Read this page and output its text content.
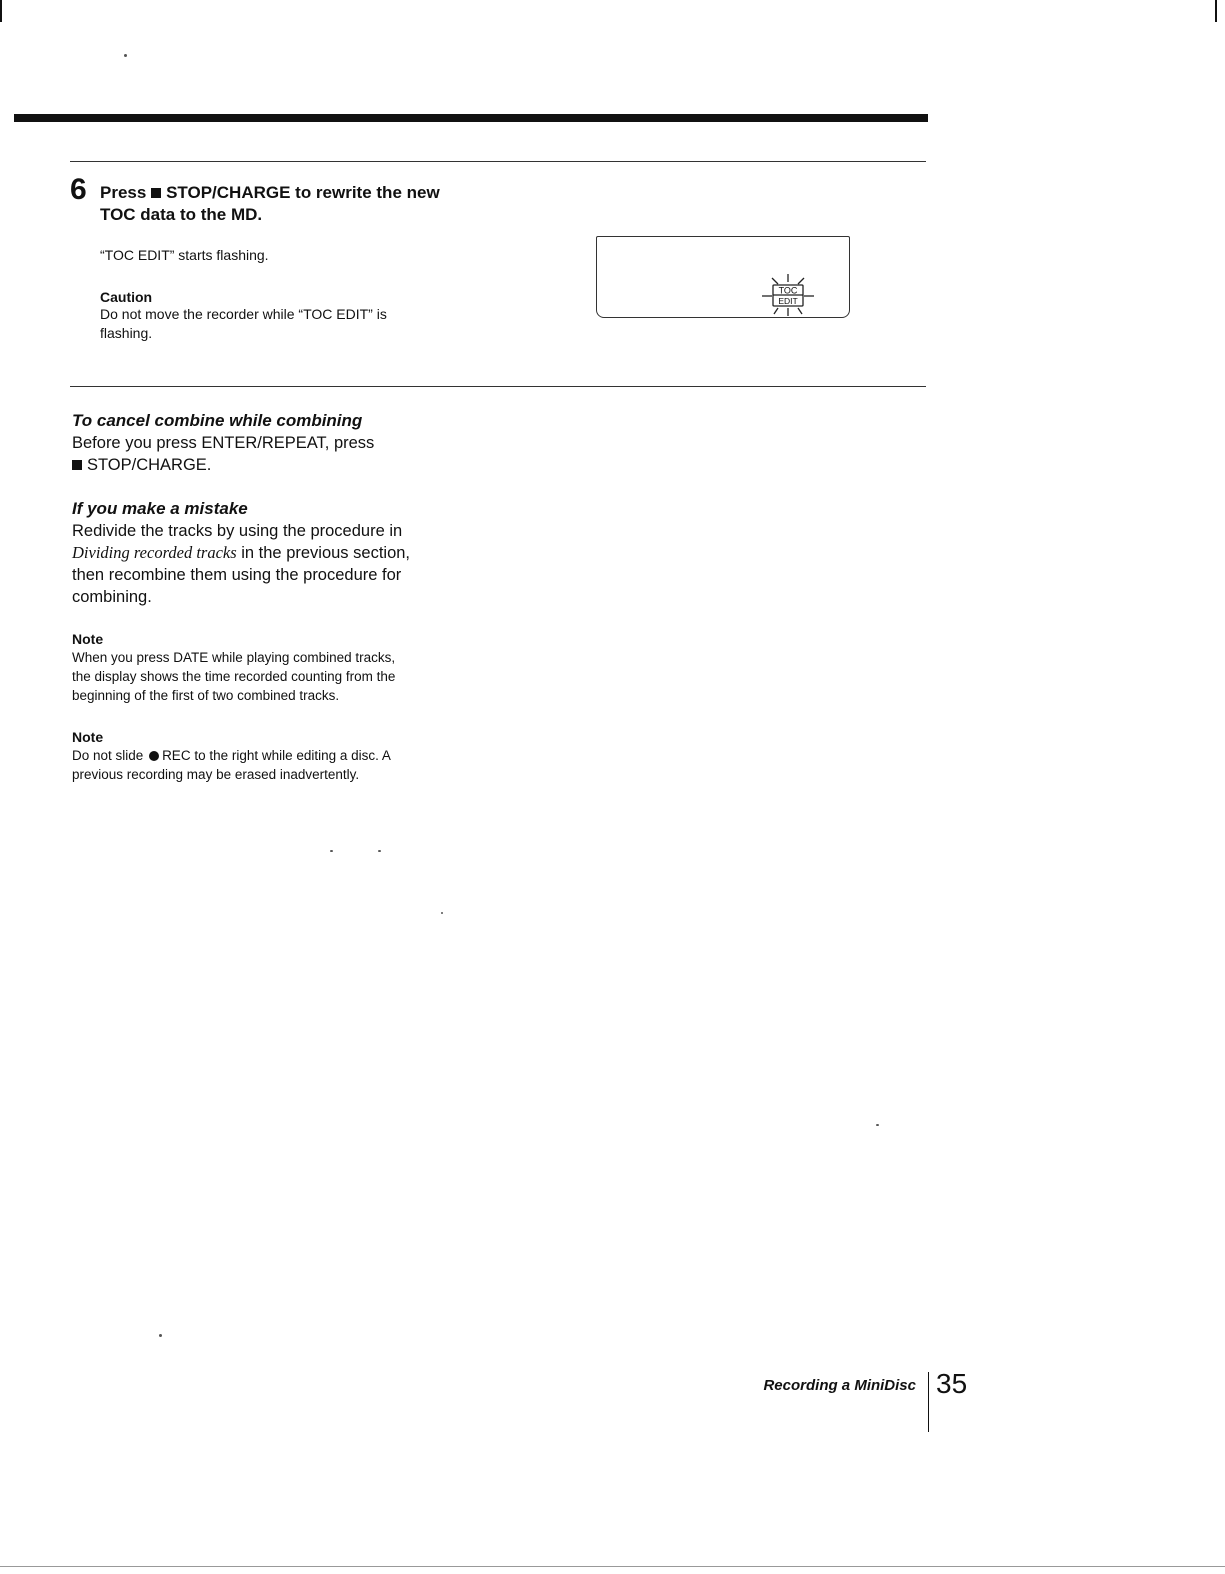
6 Press STOP/CHARGE to rewrite the new
TOC data to the MD.
“TOC EDIT” starts flashing.
Caution
Do not move the recorder while “TOC EDIT” is
flashing.
TOC
EDIT
To cancel combine while combining
Before you press ENTER/REPEAT, press
STOP/CHARGE.
If you make a mistake
Redivide the tracks by using the procedure in
Dividing recorded tracks in the previous section,
then recombine them using the procedure for
combining.
Note
When you press DATE while playing combined tracks,
the display shows the time recorded counting from the
beginning of the first of two combined tracks.
Note
Do not slide REC to the right while editing a disc. A
previous recording may be erased inadvertently.
Recording a MiniDisc 35
